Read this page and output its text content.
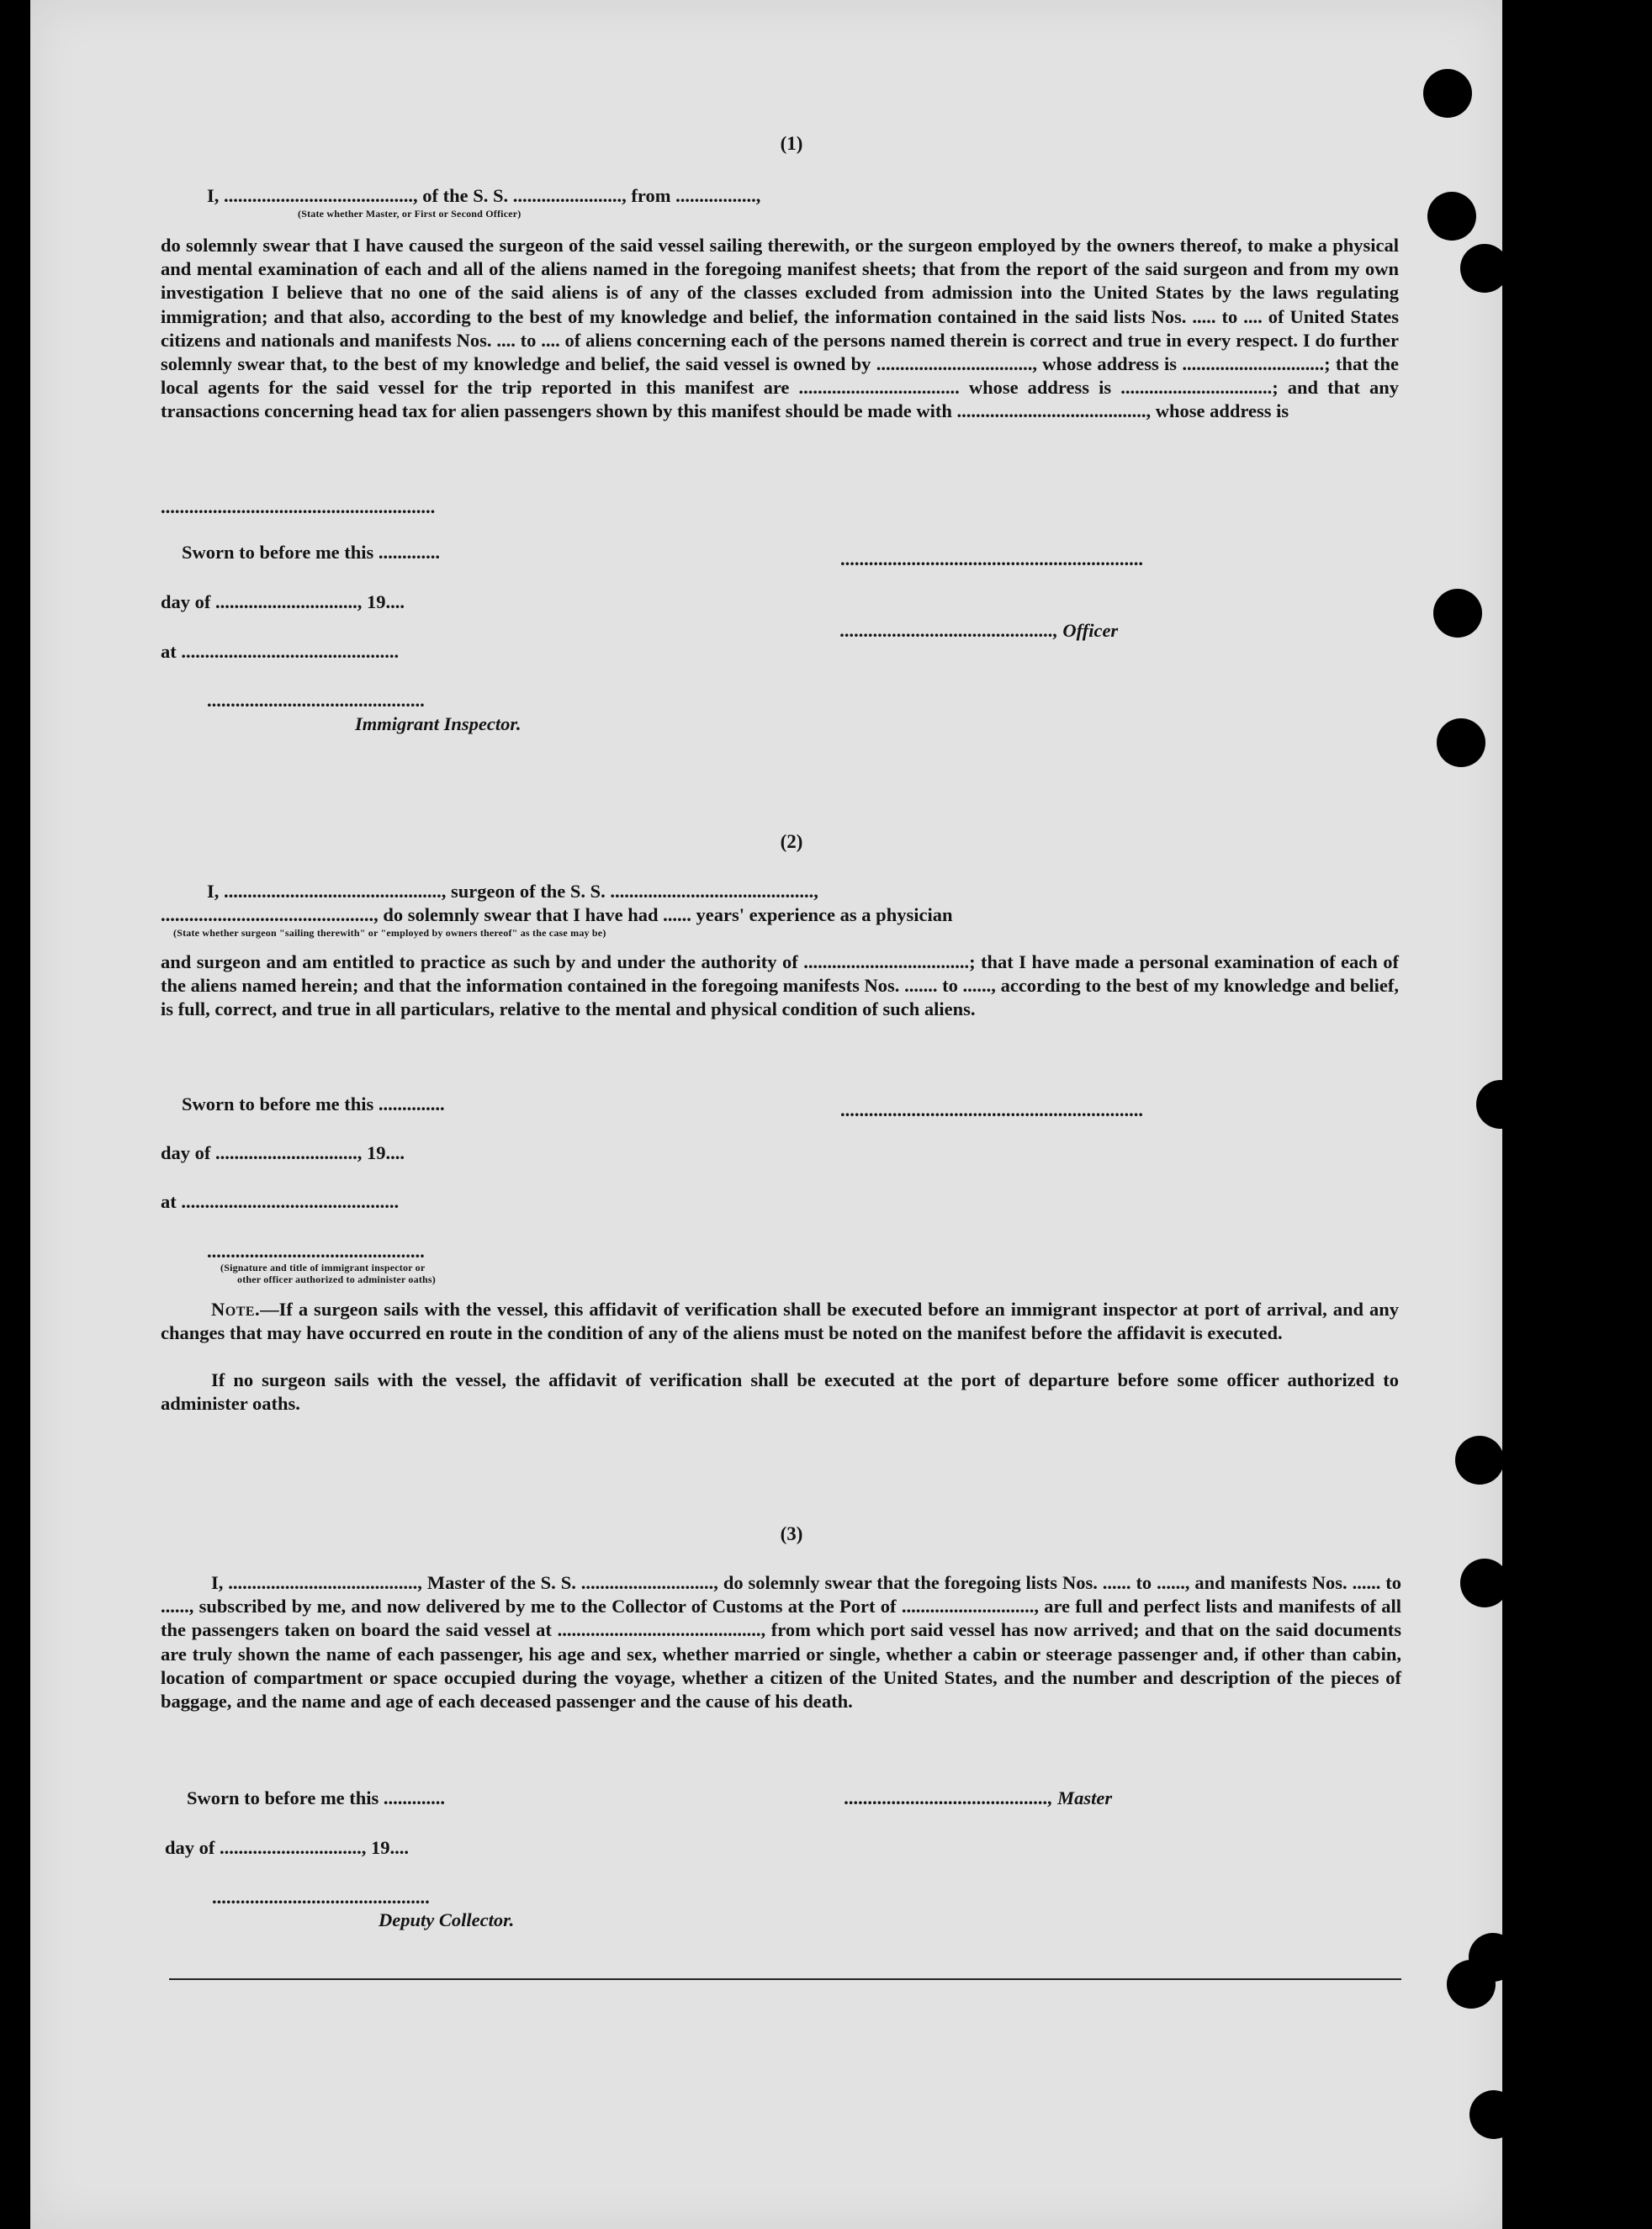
(1)
I, ........................................, of the S. S. ......................., from .................,
(State whether Master, or First or Second Officer)
do solemnly swear that I have caused the surgeon of the said vessel sailing therewith, or the surgeon employed by the owners thereof, to make a physical and mental examination of each and all of the aliens named in the foregoing manifest sheets; that from the report of the said surgeon and from my own investigation I believe that no one of the said aliens is of any of the classes excluded from admission into the United States by the laws regulating immigration; and that also, according to the best of my knowledge and belief, the information contained in the said lists Nos. ..... to .... of United States citizens and nationals and manifests Nos. .... to .... of aliens concerning each of the persons named therein is correct and true in every respect. I do further solemnly swear that, to the best of my knowledge and belief, the said vessel is owned by ................................., whose address is ..............................; that the local agents for the said vessel for the trip reported in this manifest are .................................. whose address is ................................; and that any transactions concerning head tax for alien passengers shown by this manifest should be made with ........................................, whose address is
..........................................................
Sworn to before me this .............	................................................................
day of .............................., 19....
............................................., Officer
at ..............................................
..............................................
Immigrant Inspector.
(2)
I, .............................................., surgeon of the S. S. ...........................................,
............................................., do solemnly swear that I have had ...... years' experience as a physician
(State whether surgeon "sailing therewith" or "employed by owners thereof" as the case may be)
and surgeon and am entitled to practice as such by and under the authority of ...................................; that I have made a personal examination of each of the aliens named herein; and that the information contained in the foregoing manifests Nos. ....... to ......, according to the best of my knowledge and belief, is full, correct, and true in all particulars, relative to the mental and physical condition of such aliens.
Sworn to before me this ..............	................................................................
day of .............................., 19....
at ..............................................
..............................................
(Signature and title of immigrant inspector or
other officer authorized to administer oaths)
Note.—If a surgeon sails with the vessel, this affidavit of verification shall be executed before an immigrant inspector at port of arrival, and any changes that may have occurred en route in the condition of any of the aliens must be noted on the manifest before the affidavit is executed.
If no surgeon sails with the vessel, the affidavit of verification shall be executed at the port of departure before some officer authorized to administer oaths.
(3)
I, ........................................, Master of the S. S. ............................, do solemnly swear that the foregoing lists Nos. ...... to ......, and manifests Nos. ...... to ......, subscribed by me, and now delivered by me to the Collector of Customs at the Port of ............................, are full and perfect lists and manifests of all the passengers taken on board the said vessel at ..........................................., from which port said vessel has now arrived; and that on the said documents are truly shown the name of each passenger, his age and sex, whether married or single, whether a cabin or steerage passenger and, if other than cabin, location of compartment or space occupied during the voyage, whether a citizen of the United States, and the number and description of the pieces of baggage, and the name and age of each deceased passenger and the cause of his death.
Sworn to before me this .............	..........................................., Master
day of .............................., 19....
..............................................
Deputy Collector.
